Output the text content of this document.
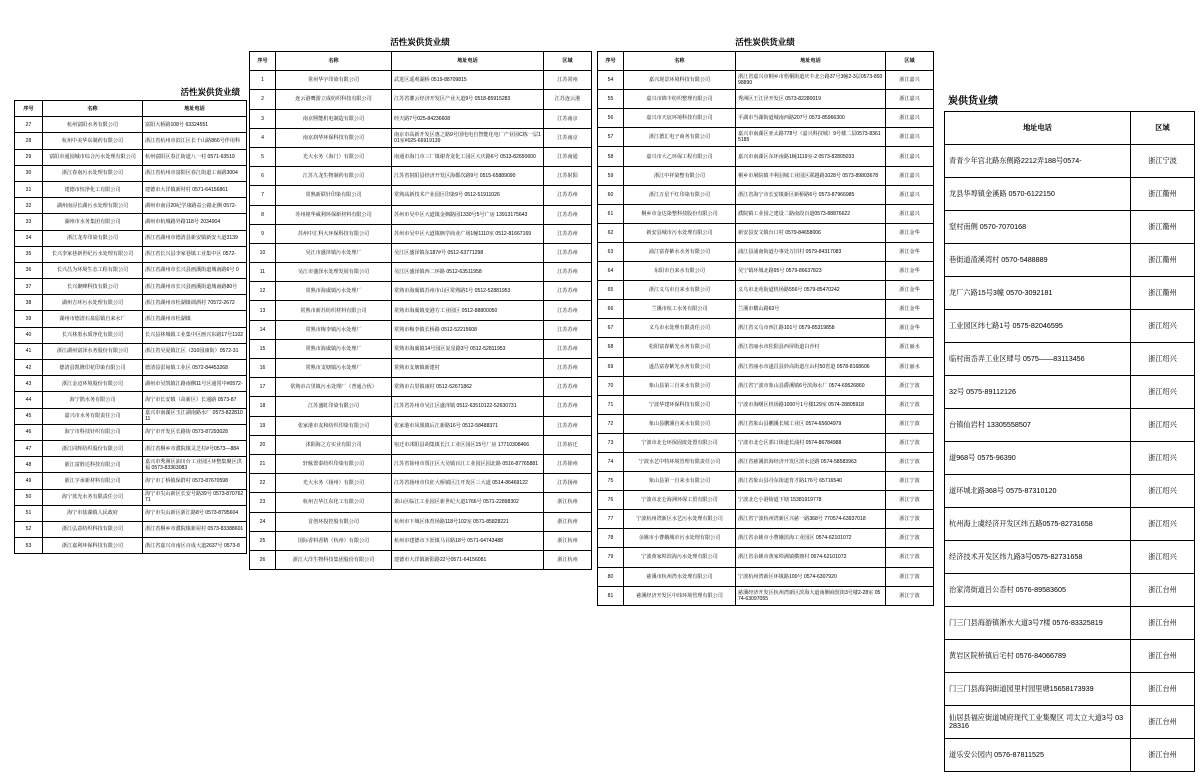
活性炭供货业绩
序号	名称	地址电话
27	杭州富阳水务有限公司	富阳大桥路108号 63324551
28	杭州中美华东制药有限公司	浙江省杭州市滨江区长千山路866号伴用科
29	富阳市通园城市综合污水处理有限公司	杭州富阳区春江街道八一村 0571-63519
30	浙江春南污水处理有限公司	浙江省杭州市富阳区春江街道工商路3004
31	建德市恒净化工有限公司	建德市大洋镇新材村 0571-64156861
32	湖州南浔长湖污水处理有限公司	湖州市南浔20纪学康路益公路北侧 0572-
33	湖州市水务集团有限公司	湖州市杭城路外路118号 2034904
34	浙江龙寿印染有限公司	浙江省湖州市德清县新安镇新安大道3139
35	长兴李家巷新世纪污水处理有限公司	浙江省长兴县李家巷镇工业集中区 0572-
36	长兴昌为环境生态工程有限公司	浙江省湖州市长兴县画溪街道城南路6号 0
37	长兴聚峰科技有限公司	浙江省湖州市长兴县画溪街道城南路80号
38	湖州吉环污水处理有限公司	浙江省湖州市杜湖镇调酒村 70572-2672
39	湖州市德清石泉原镇自来水厂	浙江省湖州市杜湖镇
40	长兴林墨水质净化有限公司	长兴县林城镇工业集中区画兴东路17号1102
41	浙江湖州富泽水务股份有限公司	浙江省吴夏镇江区（310园康街）0572-31
42	德清县凯隆印花印染有限公司	德清县雷甸镇工业区 0572-84453268
43	浙江金迈环境股份有限公司	湖州市吴凯镇江路南侧11号区通常中#0572-
44	海宁鹃水务有限公司	海宁市长安镇（高新区）长通路 0573-87
45	嘉兴市水务有限责任公司	嘉兴市南湖区玉江湖南路水厂 0573-82281011
46	海宁市科技针织有限公司	海宁市开发区长路街 0573-87293028
47	浙江同辉纺织股份有限公司	浙江省桐乡市濮院镇灵芝村#号0573—884
48	浙江富胜达科技有限公司	嘉兴市秀洲区油川台工业园区环整集聚区洪福 0573-83363083
49	浙江宇承新材料有限公司	海宁市丁桥镇保群村 0573-87670598
50	海宁蓝光水务有限责任公司	海宁市尖山新区长安号路39号 0573-87076271
51	海宁市盐湖镇人民政府	海宁市尖山新区浙江路8号 0573-8795604
52	浙江弘意纺织科技有限公司	浙江省桐乡市濮院镇新屋村 0573-83388601
53	浙江嘉利环保科技有限公司	浙江省嘉兴市南区百成大道2637号 0573-8
活性炭供货业绩
序号	名称	地址电话	区域
1	常州华宇印染有限公司	武进区遥观湖桥 0519-88709815	江苏常州
2	连云港鹰游立成纺织科技有限公司	江苏省灌云经济开发区产业大道9号 0518-85915283	江苏连云港
3	南京熙能机电制造有限公司	经天路7号025-84236608	江苏南京
4	南京润华环保科技有限公司	南京市高新开发区惠之路9号国电电自智能化电厂产业园C栋一层101室#025-66919139	江苏南京
5	光大水务（海门）有限公司	南通市海门市三厂镇谢青龙化工园区大庆路6号 0513-82650600	江苏南通
6	江苏九龙生物制药有限公司	江苏省射阳县经济开发区海都次路9号 0515-65889090	江苏射阳
7	常熟新联针印染有限公司	常熟高新技术产业园区印染9号 0512-51911026	江苏苏州
8	苏州铭华威利环保新材料有限公司	苏州市吴中区大道镇金枫路园1330号5号广房 13913175643	江苏苏州
9	苏州中汇科大环保科技有限公司	苏州市吴中区大道镇枫学商业广场1幢1110室 0512-81667169	江苏苏州
10	吴江市盛泽镇污水处理厂	吴江区盛泽镇东187#号 0512-63771298	江苏苏州
11	吴江市盛泽水处理发展有限公司	吴江区盛泽镇西二环路 0512-63511958	江苏苏州
12	常熟市海虞镇污水处理厂	常熟市海虞镇苏州市山区常熟路1号 0512-52881953	江苏苏州
13	常熟市新苏纺织材料有限公司	常熟市海虞镇变港方工业园区 0512-88800050	江苏苏州
14	常熟市梅李镇污水处理厂	常熟市梅李镇长桥路 0512-52215608	江苏苏州
15	常熟市海虞镇污水处理厂	常熟市海虞镇14号园区复星路3号 0512-52811953	江苏苏州
16	常熟市支塘镇污水处理厂	常熟市支塘镇新建村	江苏苏州
17	常熟市古里镇污水处理厂（普通合伙）	常熟市古里镇康村 0512-52671862	江苏苏州
18	江苏盛虹印染有限公司	江苏省苏州市吴江区盛泽镇 0512-63510122-52630731	江苏苏州
19	张家港市友和纺织印染有限公司	张家港市凤凰镇后江新路16号 0512-58488371	江苏苏州
20	沭阳海之方实业有限公司	宿迁市沭阳县胡集镇长江工业区园区15号厂房 17710308466	江苏宿迁
21	轩舷置泰纺织印染有限公司	江苏省徐州市贾汪区大吴镇百江工业园区园北路 0516-87765881	江苏徐州
22	光大水务（扬州）有限公司	江苏省扬州市仪征大桥镇区江开发区三大道 0514-86469122	江苏扬州
23	杭州吉华江东化工有限公司	萧山区临江工业园区新世纪大道1766号 0571-22898302	浙江杭州
24	首创环投控股有限公司	杭州市下城区体育场路118号102室 0571-85828221	浙江杭州
25	国际香料香精（杭州）有限公司	杭州市建德市下涯镇马目路18号 0571-64743488	浙江杭州
26	浙江大洋生物科技集团股份有限公司	建德市大洋镇新阳路22号0571-64156081	浙江杭州
活性炭供货业绩
序号	名称	地址电话	区域
54	嘉兴现景环境科技有限公司	浙江省嘉兴市桐乡市梧桐街道庆丰北公路37号3幢2-3层0573-89398890	浙江嘉兴
55	嘉兴市锦丰纺织整理有限公司	秀洲区王江泾开发区 0573-82280019	浙江嘉兴
56	嘉兴市天宸环境科技有限公司	平湖市当湖街道城南西路207号 0573-85966300	浙江嘉兴
57	浙江德汇电子商务有限公司	嘉兴市南湖区亚太路778号（嘉兴科技城）9号楼二层0573-83615185	浙江嘉兴
58	嘉兴市大乙环保工程有限公司	嘉兴市南湖区东环南路1幢1119室-2 0573-82805033	浙江嘉兴
59	浙江中祥染整有限公司	桐乡市屠院镇丰利羽城工业园区联越路1028号 0573-89803678	浙江嘉兴
60	浙江万星千红印染有限公司	浙江省海宁市长安镇新区新桥路6号 0573-87966985	浙江嘉兴
61	桐乡市金达染整科技股份有限公司	濮院镇工业园之建设二路南段百道0573-88876622	浙江嘉兴
62	新安县城市污水处理有限公司	新安县安文镇台口村 0579-84658006	浙江金华
63	浦江富春紫水水务有限公司	浦江县浦南街道办事处万旧村 0579-84317083	浙江金华
64	东阳市自来水有限公司	吴宁镇环城北路95号 0579-86637823	浙江金华
65	浙江义乌市自来水有限公司	义乌市北苑街道机场路556号 0579-85470242	浙江金华
66	兰溪市杭工水务有限公司	兰溪市横山路63号	浙江金华
67	义乌市水处理有限责任公司	浙江省义乌市西江路101号 0579-85319858	浙江金华
68	松阳富春紫光水务有限公司	浙江省丽水市松阳县西屏街道白沙村	浙江丽水
69	遂昌富春紫光水务有限公司	浙江省丽水市遂昌县妙高街道庄山村50省道 0578-8168606	浙江丽水
70	象山县第三自来水有限公司	浙江省宁波市象山县爵溪镇6号滨海水厂 0574-69526860	浙江宁波
71	宁波华建环保科技有限公司	宁波市海曙区机场路1000号1号楼129室 0574-28805918	浙江宁波
72	象山县鹏溪自来水有限公司	浙江省象山县鹏溪长城工业区 0574-65604979	浙江宁波
73	宁波市北仑环保固废处置有限公司	宁波市北仑区郭口街道长浦村 0574-86784988	浙江宁波
74	宁波水艺中特环境管理有限责任公司	浙江省慈溪滨海经济开发区滨水泛路 0574-58583963	浙江宁波
75	象山县第一自来水有限公司	浙江省象山县丹东街道育才路176号 65716540	浙江宁波
76	宁波市北仑海洲环保工贸有限公司	宁波北仑小港街道下塘 15381919778	浙江宁波
77	宁波杭州湾新区水艺污水处理有限公司	浙江省宁波杭州湾新区兴慈一路368号 770574-63937018	浙江宁波
78	余姚市小曹娥城市污水处理有限公司	浙江省余姚市小曹娥滨海工业园区 0574-62101072	浙江宁波
79	宁波黄家埠滨海污水处理有限公司	浙江省余姚市黄家埠满镇横塘村 0574-62101072	浙江宁波
80	慈溪市杭州湾水处理有限公司	宁波杭州湾新区环镇路100号 0574-6307920	浙江宁波
81	慈溪经济开发区中纬环境管理有限公司	慈溪经济开发区杭州湾新区滨海大道南侧商贸街3号楼2-28室 0574-63097055	浙江宁波
炭供货业绩
地址电话	区域
青青少年宫北路东侧路2212弄188号0574-	浙江宁波
龙县华埠镇金溪路 0570-6122150	浙江衢州
窒村南侧 0570-7070168	浙江衢州
巷街道渣溪湾村 0570-5488889	浙江衢州
龙厂六路15号3幢 0570-3092181	浙江衢州
工业园区纬七路1号 0575-82046595	浙江绍兴
临村南岙弄工业区肆号 0575——83113456	浙江绍兴
32号 0575-89112126	浙江绍兴
台镇仙岩村 13305558507	浙江绍兴
道968号 0575-96390	浙江绍兴
道环城北路368号 0575-87310120	浙江绍兴
杭州海上虞经济开发区纬五路0575-82731658	浙江绍兴
经济技术开发区纬九路3号0575-82731658	浙江绍兴
治家湾街道吕公岙村 0576-89583605	浙江台州
门三门县海游镇淅水大道3号7楼 0576-83325819	浙江台州
黄岩区院桥镇后宅村 0576-84066789	浙江台州
门三门县海润街道园里村园里塘15658173939	浙江台州
仙居县福应街道城府现代工业集聚区 司太立大道3号 0328316	浙江台州
道乐安公园内 0576-87811525	浙江台州
